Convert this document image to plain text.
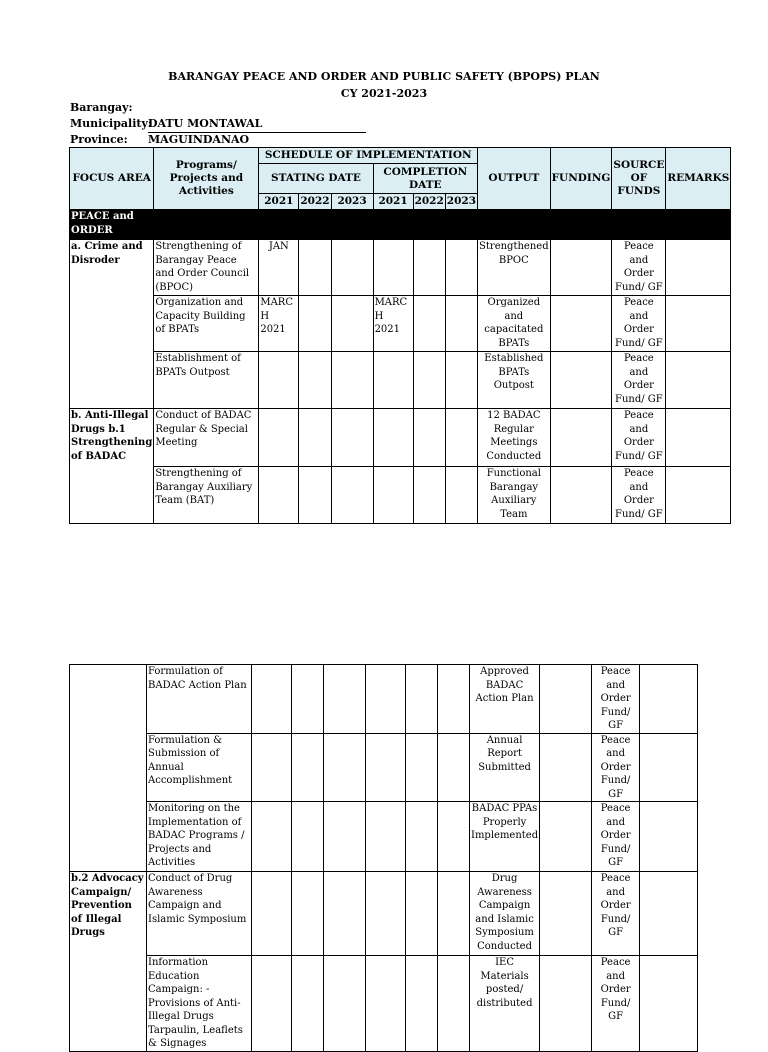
BARANGAY PEACE AND ORDER AND PUBLIC SAFETY (BPOPS) PLAN
CY 2021-2023
Barangay:
Municipality:
DATU MONTAWAL
Province: MAGUINDANAO
FOCUS AREA	Programs/ Projects and Activities	SCHEDULE OF IMPLEMENTATION						OUTPUT	FUNDING	SOURCE OF FUNDS	REMARKS
		STATING DATE			COMPLETION DATE						
		2021	2022	2023	2021	2022	2023				
PEACE and ORDER											
a. Crime and Disroder	Strengthening of Barangay Peace and Order Council (BPOC)	JAN						Strengthened BPOC		Peace and Order Fund/ GF	
	Organization and Capacity Building of BPATs	MARC H 2021			MARC H 2021			Organized and capacitated BPATs		Peace and Order Fund/ GF	
	Establishment of BPATs Outpost							Established BPATs Outpost		Peace and Order Fund/ GF	
b. Anti-Illegal Drugs b.1 Strengthening of BADAC	Conduct of BADAC Regular & Special Meeting							12 BADAC Regular Meetings Conducted		Peace and Order Fund/ GF	
	Strengthening of Barangay Auxiliary Team (BAT)							Functional Barangay Auxiliary Team		Peace and Order Fund/ GF	
	Formulation of BADAC Action Plan							Approved BADAC Action Plan		Peace and Order Fund/ GF	
	Formulation & Submission of Annual Accomplishment							Annual Report Submitted		Peace and Order Fund/ GF	
	Monitoring on the Implementation of BADAC Programs / Projects and Activities							BADAC PPAs Properly Implemented		Peace and Order Fund/ GF	
b.2 Advocacy Campaign/ Prevention of Illegal Drugs	Conduct of Drug Awareness Campaign and Islamic Symposium							Drug Awareness Campaign and Islamic Symposium Conducted		Peace and Order Fund/ GF	
	Information Education Campaign: - Provisions of Anti-Illegal Drugs Tarpaulin, Leaflets & Signages							IEC Materials posted/ distributed		Peace and Order Fund/ GF	
